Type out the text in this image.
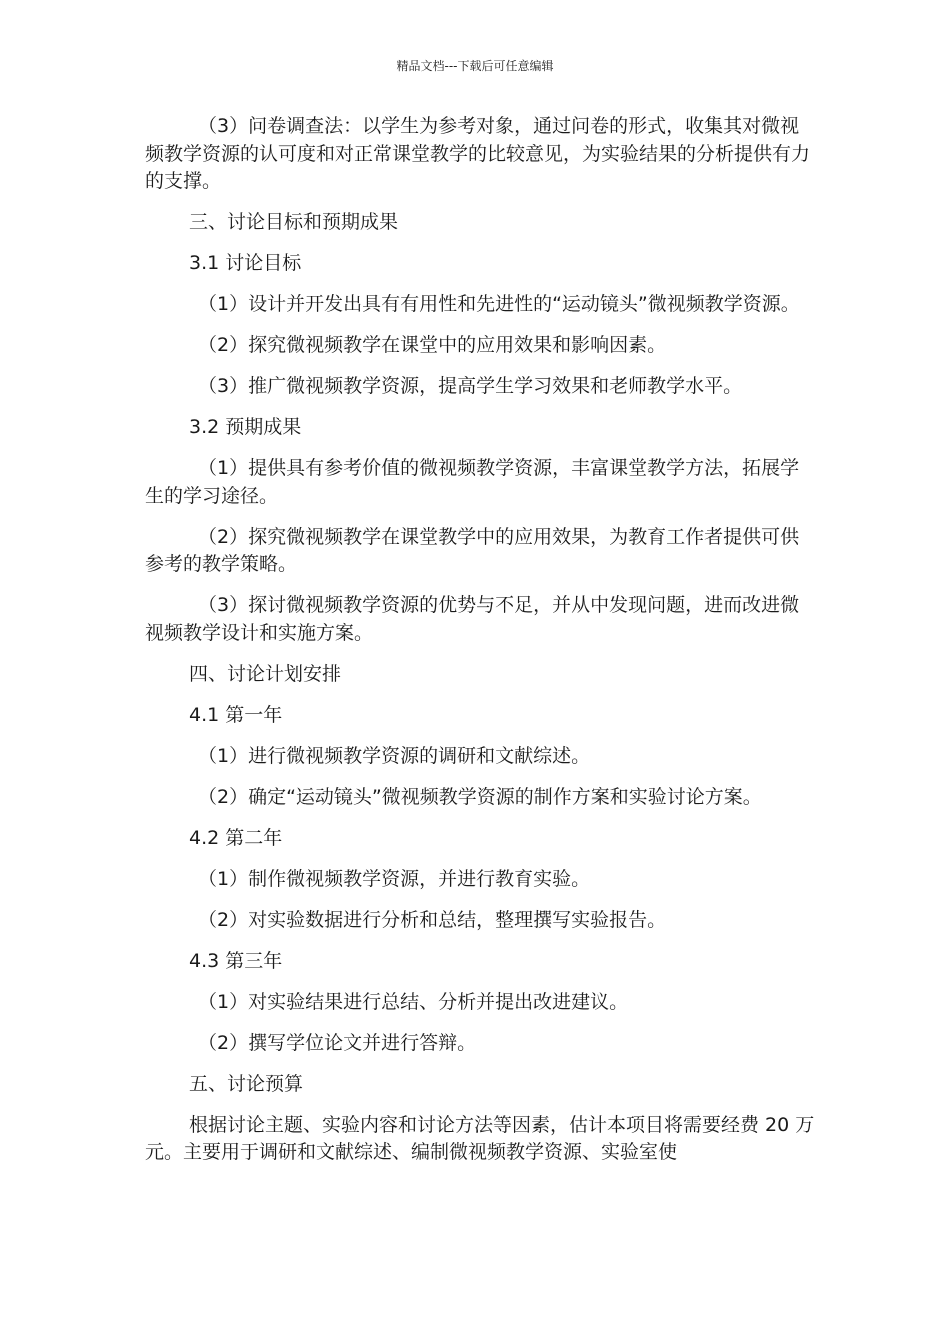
精品文档---下载后可任意编辑

（3）问卷调查法：以学生为参考对象，通过问卷的形式，收集其对微视频教学资源的认可度和对正常课堂教学的比较意见，为实验结果的分析提供有力的支撑。

三、讨论目标和预期成果

3.1 讨论目标

（1）设计并开发出具有有用性和先进性的“运动镜头”微视频教学资源。

（2）探究微视频教学在课堂中的应用效果和影响因素。

（3）推广微视频教学资源，提高学生学习效果和老师教学水平。

3.2 预期成果

（1）提供具有参考价值的微视频教学资源，丰富课堂教学方法，拓展学生的学习途径。

（2）探究微视频教学在课堂教学中的应用效果，为教育工作者提供可供参考的教学策略。

（3）探讨微视频教学资源的优势与不足，并从中发现问题，进而改进微视频教学设计和实施方案。

四、讨论计划安排

4.1 第一年

（1）进行微视频教学资源的调研和文献综述。

（2）确定“运动镜头”微视频教学资源的制作方案和实验讨论方案。

4.2 第二年

（1）制作微视频教学资源，并进行教育实验。

（2）对实验数据进行分析和总结，整理撰写实验报告。

4.3 第三年

（1）对实验结果进行总结、分析并提出改进建议。

（2）撰写学位论文并进行答辩。

五、讨论预算

根据讨论主题、实验内容和讨论方法等因素，估计本项目将需要经费 20 万元。主要用于调研和文献综述、编制微视频教学资源、实验室使
